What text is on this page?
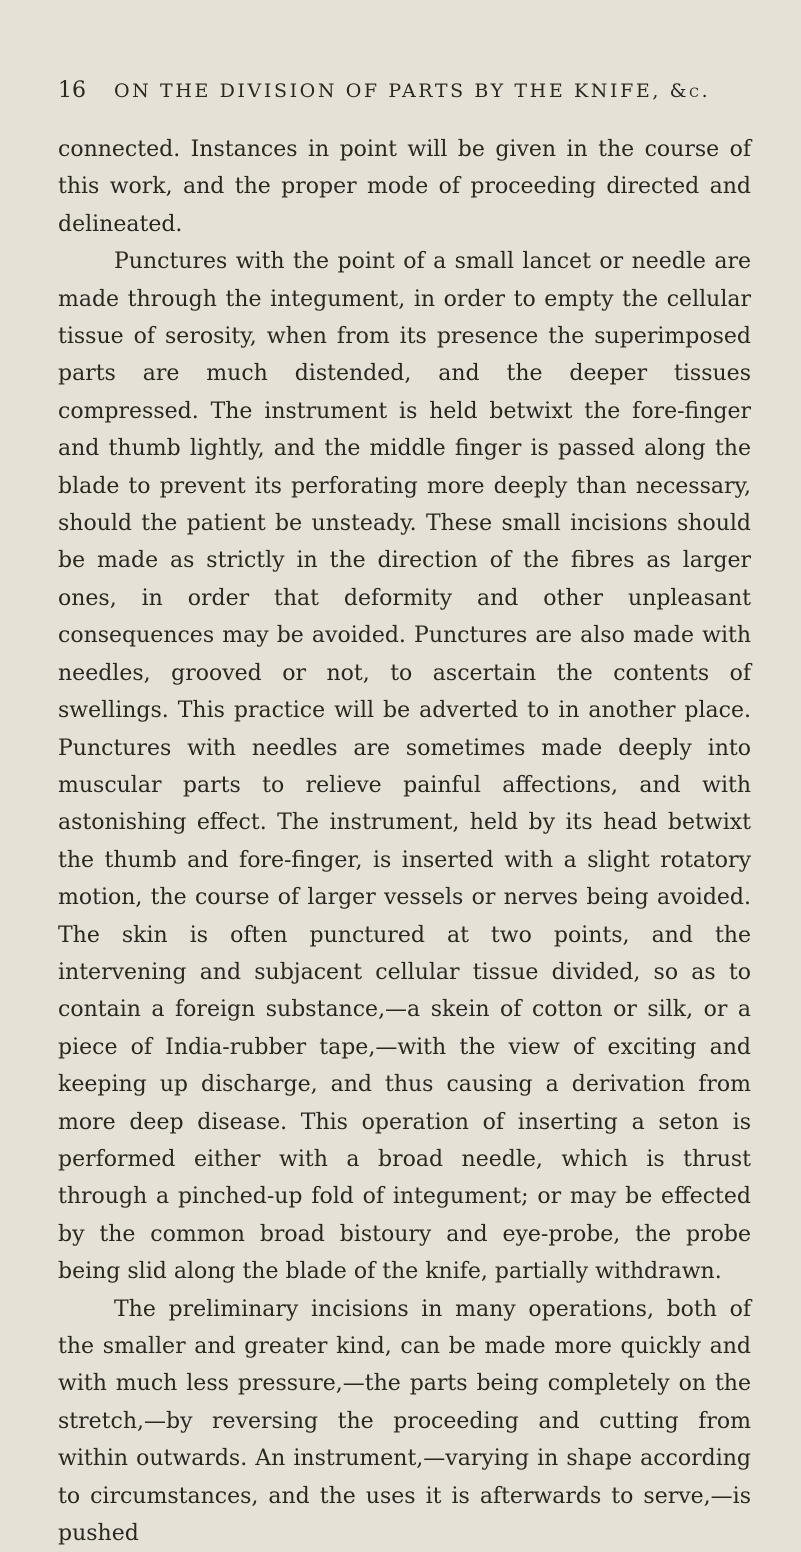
16	ON THE DIVISION OF PARTS BY THE KNIFE, &c.

connected. Instances in point will be given in the course of this work, and the proper mode of proceeding directed and delineated.

Punctures with the point of a small lancet or needle are made through the integument, in order to empty the cellular tissue of serosity, when from its presence the superimposed parts are much distended, and the deeper tissues compressed. The instrument is held betwixt the fore-finger and thumb lightly, and the middle finger is passed along the blade to prevent its perforating more deeply than necessary, should the patient be unsteady. These small incisions should be made as strictly in the direction of the fibres as larger ones, in order that deformity and other unpleasant consequences may be avoided. Punctures are also made with needles, grooved or not, to ascertain the contents of swellings. This practice will be adverted to in another place. Punctures with needles are sometimes made deeply into muscular parts to relieve painful affections, and with astonishing effect. The instrument, held by its head betwixt the thumb and fore-finger, is inserted with a slight rotatory motion, the course of larger vessels or nerves being avoided. The skin is often punctured at two points, and the intervening and subjacent cellular tissue divided, so as to contain a foreign substance,—a skein of cotton or silk, or a piece of India-rubber tape,—with the view of exciting and keeping up discharge, and thus causing a derivation from more deep disease. This operation of inserting a seton is performed either with a broad needle, which is thrust through a pinched-up fold of integument; or may be effected by the common broad bistoury and eye-probe, the probe being slid along the blade of the knife, partially withdrawn.

The preliminary incisions in many operations, both of the smaller and greater kind, can be made more quickly and with much less pressure,—the parts being completely on the stretch,—by reversing the proceeding and cutting from within outwards. An instrument,—varying in shape according to circumstances, and the uses it is afterwards to serve,—is pushed
